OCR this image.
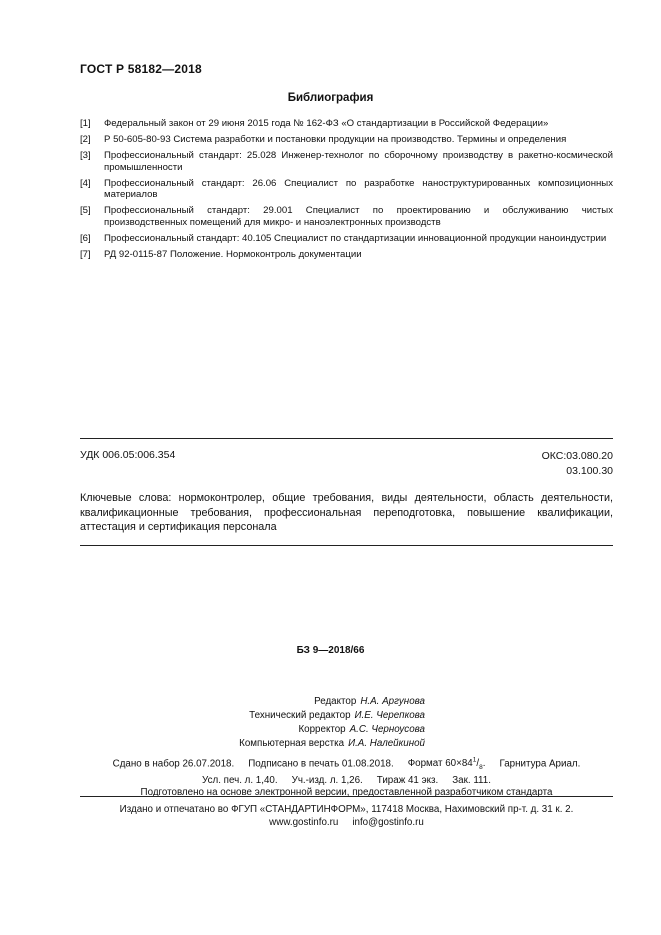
ГОСТ Р 58182—2018
Библиография
[1]	Федеральный закон от 29 июня 2015 года № 162-ФЗ «О стандартизации в Российской Федерации»
[2]	Р 50-605-80-93 Система разработки и постановки продукции на производство. Термины и определения
[3]	Профессиональный стандарт: 25.028 Инженер-технолог по сборочному производству в ракетно-космической промышленности
[4]	Профессиональный стандарт: 26.06 Специалист по разработке наноструктурированных композиционных материалов
[5]	Профессиональный стандарт: 29.001 Специалист по проектированию и обслуживанию чистых производственных помещений для микро- и наноэлектронных производств
[6]	Профессиональный стандарт: 40.105 Специалист по стандартизации инновационной продукции наноиндустрии
[7]	РД 92-0115-87 Положение. Нормоконтроль документации
УДК 006.05:006.354	ОКС:03.080.20
03.100.30
Ключевые слова: нормоконтролер, общие требования, виды деятельности, область деятельности, квалификационные требования, профессиональная переподготовка, повышение квалификации, аттестация и сертификация персонала
БЗ 9—2018/66
Редактор Н.А. Аргунова
Технический редактор И.Е. Черепкова
Корректор А.С. Черноусова
Компьютерная верстка И.А. Налейкиной
Сдано в набор 26.07.2018. Подписано в печать 01.08.2018. Формат $60\times 84^1/_8$. Гарнитура Ариал.
Усл. печ. л. 1,40. Уч.-изд. л. 1,26. Тираж 41 экз. Зак. 111.
Подготовлено на основе электронной версии, предоставленной разработчиком стандарта
Издано и отпечатано во ФГУП «СТАНДАРТИНФОРМ», 117418 Москва, Нахимовский пр-т. д. 31 к. 2.
www.gostinfo.ru info@gostinfo.ru
